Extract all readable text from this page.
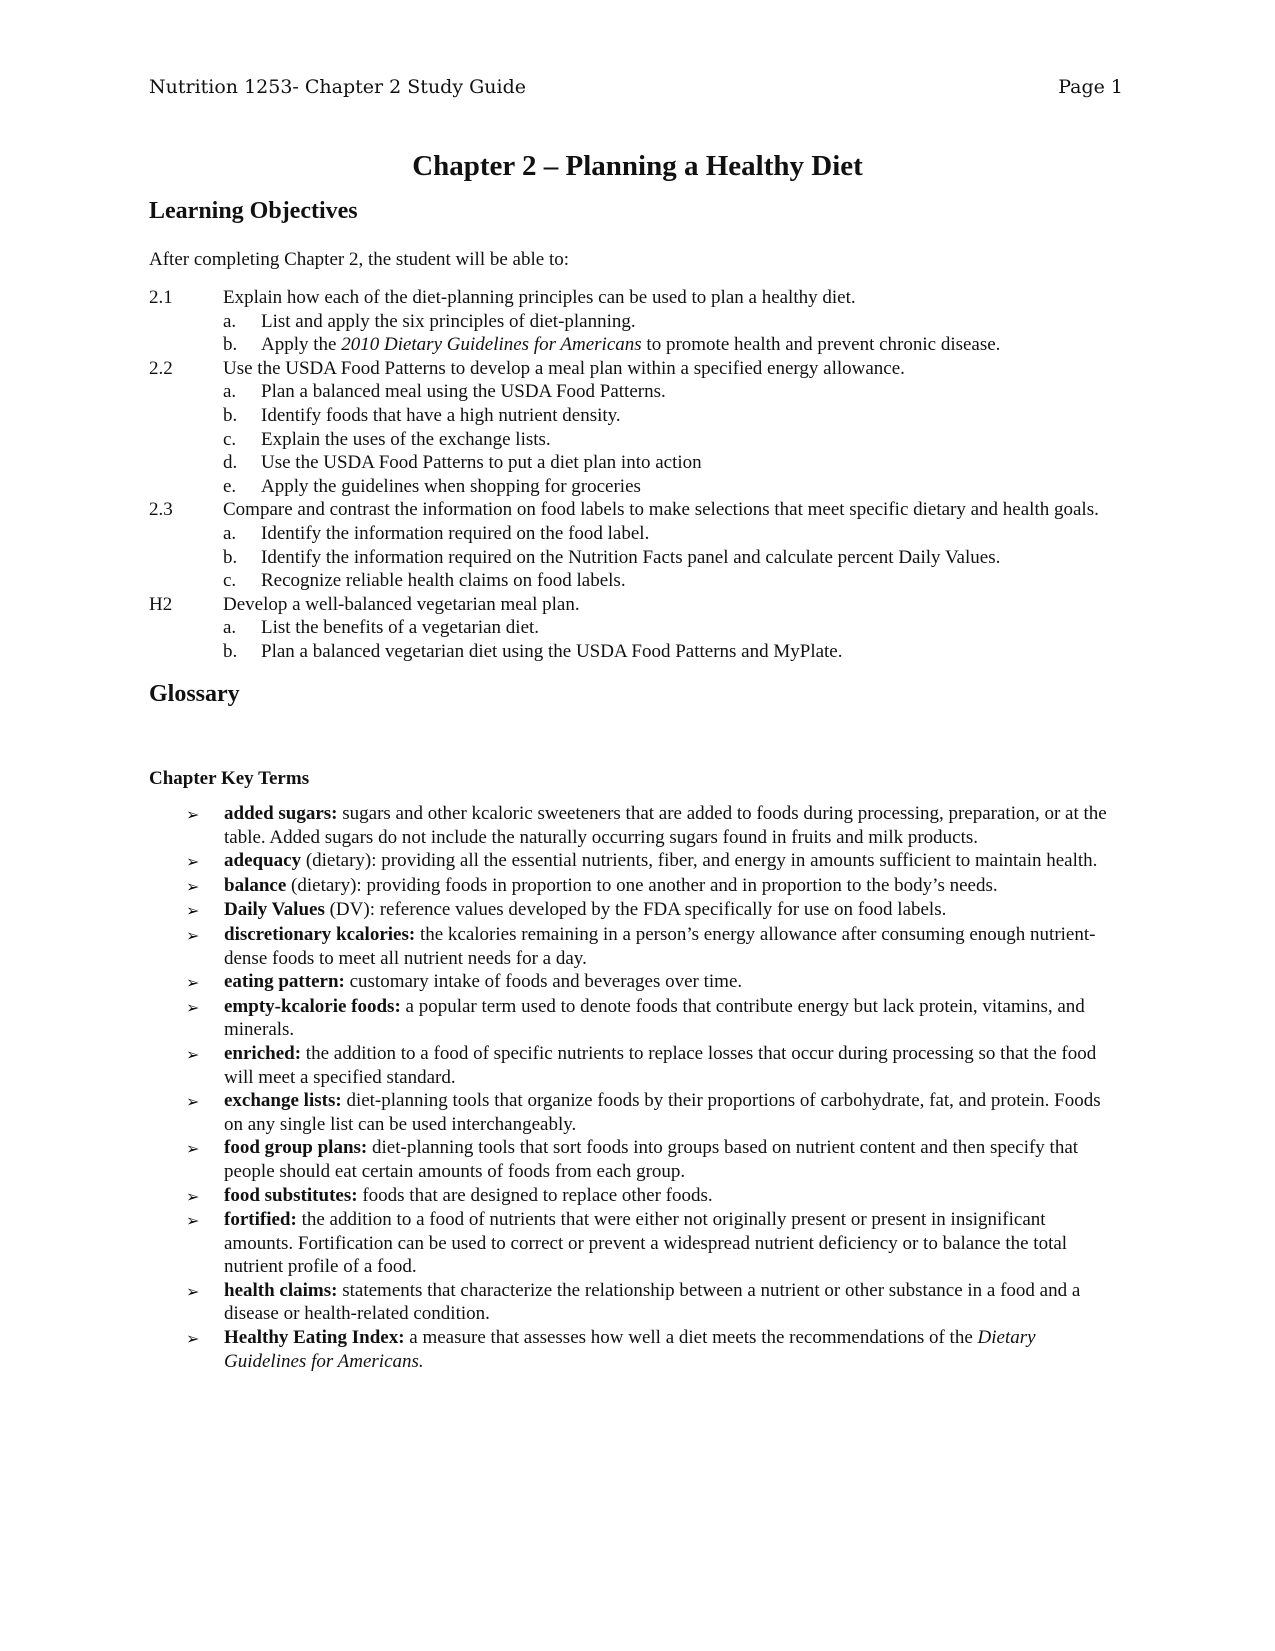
Nutrition 1253- Chapter 2 Study Guide	Page 1
Chapter 2 – Planning a Healthy Diet
Learning Objectives
After completing Chapter 2, the student will be able to:
2.1	Explain how each of the diet-planning principles can be used to plan a healthy diet.
a.	List and apply the six principles of diet-planning.
b.	Apply the 2010 Dietary Guidelines for Americans to promote health and prevent chronic disease.
2.2	Use the USDA Food Patterns to develop a meal plan within a specified energy allowance.
a.	Plan a balanced meal using the USDA Food Patterns.
b.	Identify foods that have a high nutrient density.
c.	Explain the uses of the exchange lists.
d.	Use the USDA Food Patterns to put a diet plan into action
e.	Apply the guidelines when shopping for groceries
2.3	Compare and contrast the information on food labels to make selections that meet specific dietary and health goals.
a.	Identify the information required on the food label.
b.	Identify the information required on the Nutrition Facts panel and calculate percent Daily Values.
c.	Recognize reliable health claims on food labels.
H2	Develop a well-balanced vegetarian meal plan.
a.	List the benefits of a vegetarian diet.
b.	Plan a balanced vegetarian diet using the USDA Food Patterns and MyPlate.
Glossary
Chapter Key Terms
➢	added sugars: sugars and other kcaloric sweeteners that are added to foods during processing, preparation, or at the table. Added sugars do not include the naturally occurring sugars found in fruits and milk products.
➢	adequacy (dietary): providing all the essential nutrients, fiber, and energy in amounts sufficient to maintain health.
➢	balance (dietary): providing foods in proportion to one another and in proportion to the body’s needs.
➢	Daily Values (DV): reference values developed by the FDA specifically for use on food labels.
➢	discretionary kcalories: the kcalories remaining in a person’s energy allowance after consuming enough nutrient-dense foods to meet all nutrient needs for a day.
➢	eating pattern: customary intake of foods and beverages over time.
➢	empty-kcalorie foods: a popular term used to denote foods that contribute energy but lack protein, vitamins, and minerals.
➢	enriched: the addition to a food of specific nutrients to replace losses that occur during processing so that the food will meet a specified standard.
➢	exchange lists: diet-planning tools that organize foods by their proportions of carbohydrate, fat, and protein. Foods on any single list can be used interchangeably.
➢	food group plans: diet-planning tools that sort foods into groups based on nutrient content and then specify that people should eat certain amounts of foods from each group.
➢	food substitutes: foods that are designed to replace other foods.
➢	fortified: the addition to a food of nutrients that were either not originally present or present in insignificant amounts. Fortification can be used to correct or prevent a widespread nutrient deficiency or to balance the total nutrient profile of a food.
➢	health claims: statements that characterize the relationship between a nutrient or other substance in a food and a disease or health-related condition.
➢	Healthy Eating Index: a measure that assesses how well a diet meets the recommendations of the Dietary Guidelines for Americans.
